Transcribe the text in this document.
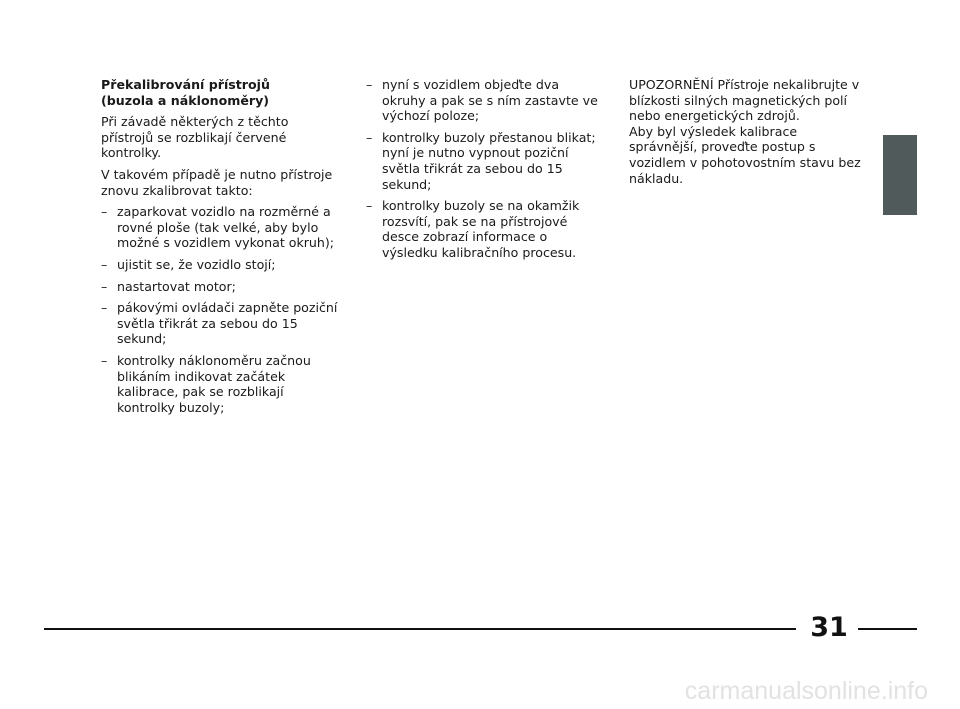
Překalibrování přístrojů
(buzola a náklonoměry)

Při závadě některých z těchto přístrojů se rozblikají červené kontrolky.

V takovém případě je nutno přístroje znovu zkalibrovat takto:

– zaparkovat vozidlo na rozměrné a rovné ploše (tak velké, aby bylo možné s vozidlem vykonat okruh);
– ujistit se, že vozidlo stojí;
– nastartovat motor;
– pákovými ovládači zapněte poziční světla třikrát za sebou do 15 sekund;
– kontrolky náklonoměru začnou blikáním indikovat začátek kalibrace, pak se rozblikají kontrolky buzoly;
– nyní s vozidlem objeďte dva okruhy a pak se s ním zastavte ve výchozí poloze;
– kontrolky buzoly přestanou blikat; nyní je nutno vypnout poziční světla třikrát za sebou do 15 sekund;
– kontrolky buzoly se na okamžik rozsvítí, pak se na přístrojové desce zobrazí informace o výsledku kalibračního procesu.
UPOZORNĚNÍ Přístroje nekalibrujte v blízkosti silných magnetických polí nebo energetických zdrojů.
Aby byl výsledek kalibrace správnější, proveďte postup s vozidlem v pohotovostním stavu bez nákladu.
31
carmanualsonline.info
